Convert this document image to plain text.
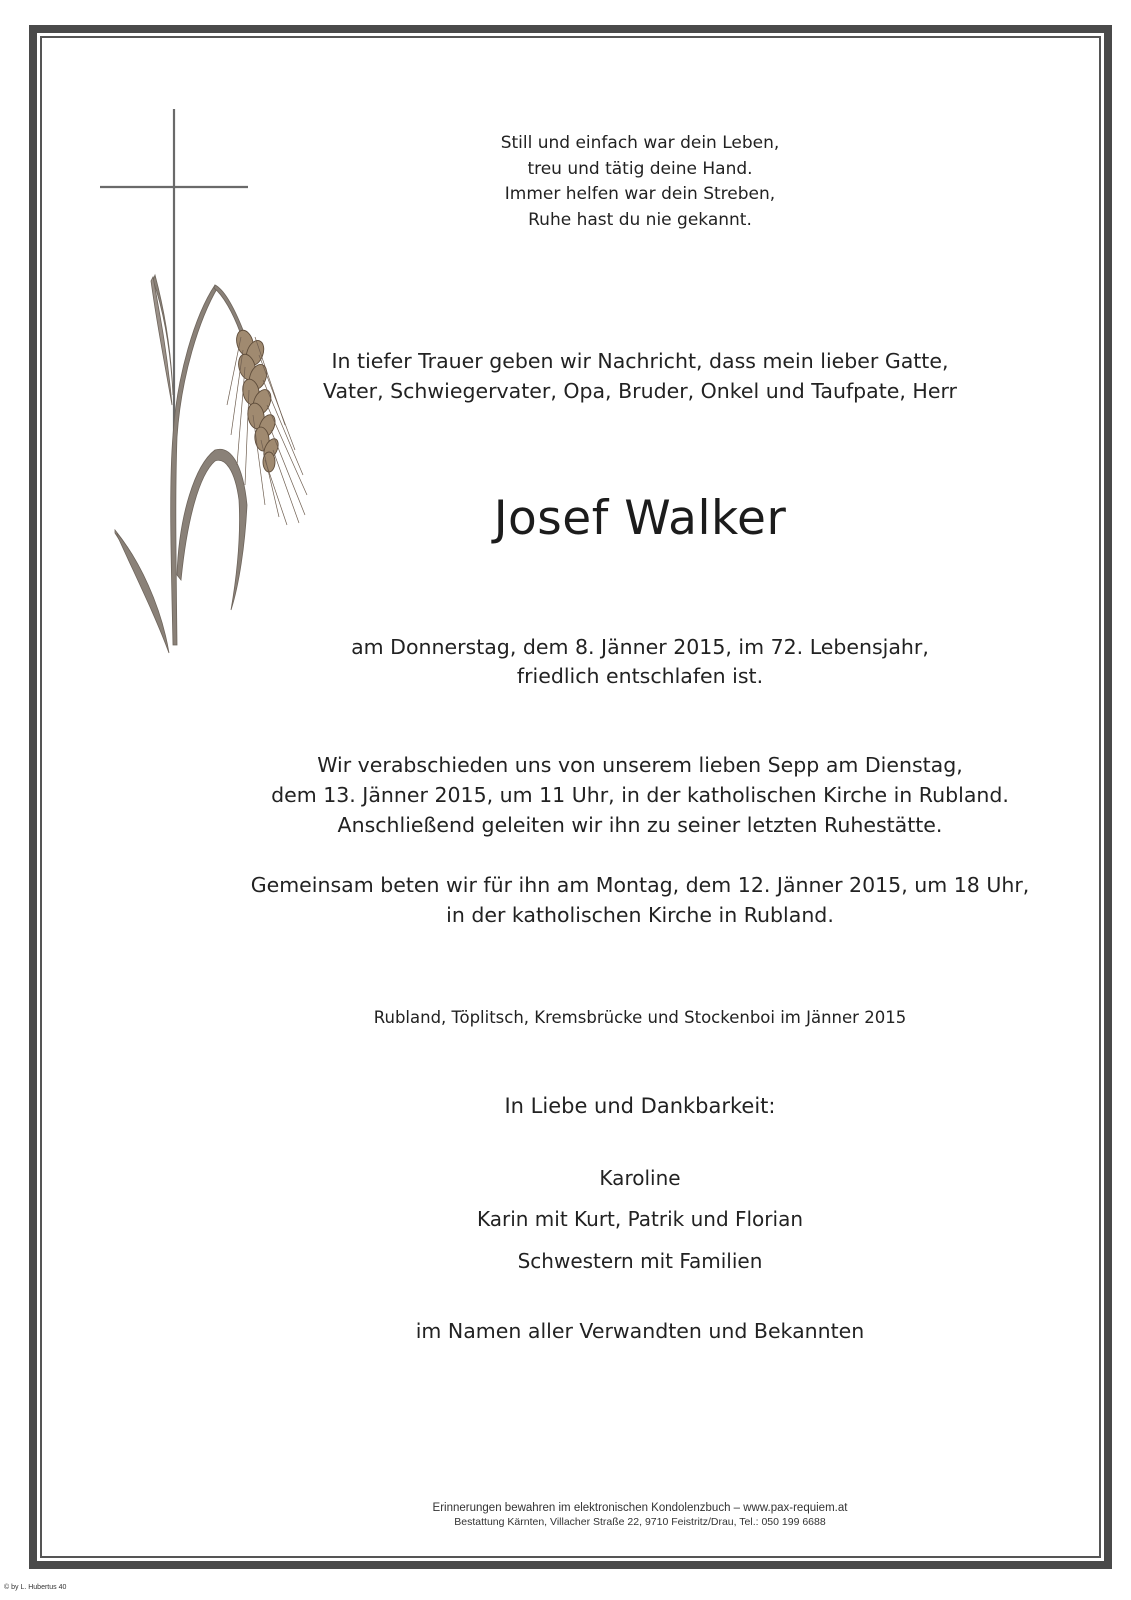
Still und einfach war dein Leben,
treu und tätig deine Hand.
Immer helfen war dein Streben,
Ruhe hast du nie gekannt.
In tiefer Trauer geben wir Nachricht, dass mein lieber Gatte,
Vater, Schwiegervater, Opa, Bruder, Onkel und Taufpate, Herr
Josef Walker
am Donnerstag, dem 8. Jänner 2015, im 72. Lebensjahr,
friedlich entschlafen ist.
Wir verabschieden uns von unserem lieben Sepp am Dienstag,
dem 13. Jänner 2015, um 11 Uhr, in der katholischen Kirche in Rubland.
Anschließend geleiten wir ihn zu seiner letzten Ruhestätte.
Gemeinsam beten wir für ihn am Montag, dem 12. Jänner 2015, um 18 Uhr,
in der katholischen Kirche in Rubland.
Rubland, Töplitsch, Kremsbrücke und Stockenboi im Jänner 2015
In Liebe und Dankbarkeit:
Karoline
Karin mit Kurt, Patrik und Florian
Schwestern mit Familien
im Namen aller Verwandten und Bekannten
Erinnerungen bewahren im elektronischen Kondolenzbuch – www.pax-requiem.at
Bestattung Kärnten, Villacher Straße 22, 9710 Feistritz/Drau, Tel.: 050 199 6688
© by L. Hubertus 40
